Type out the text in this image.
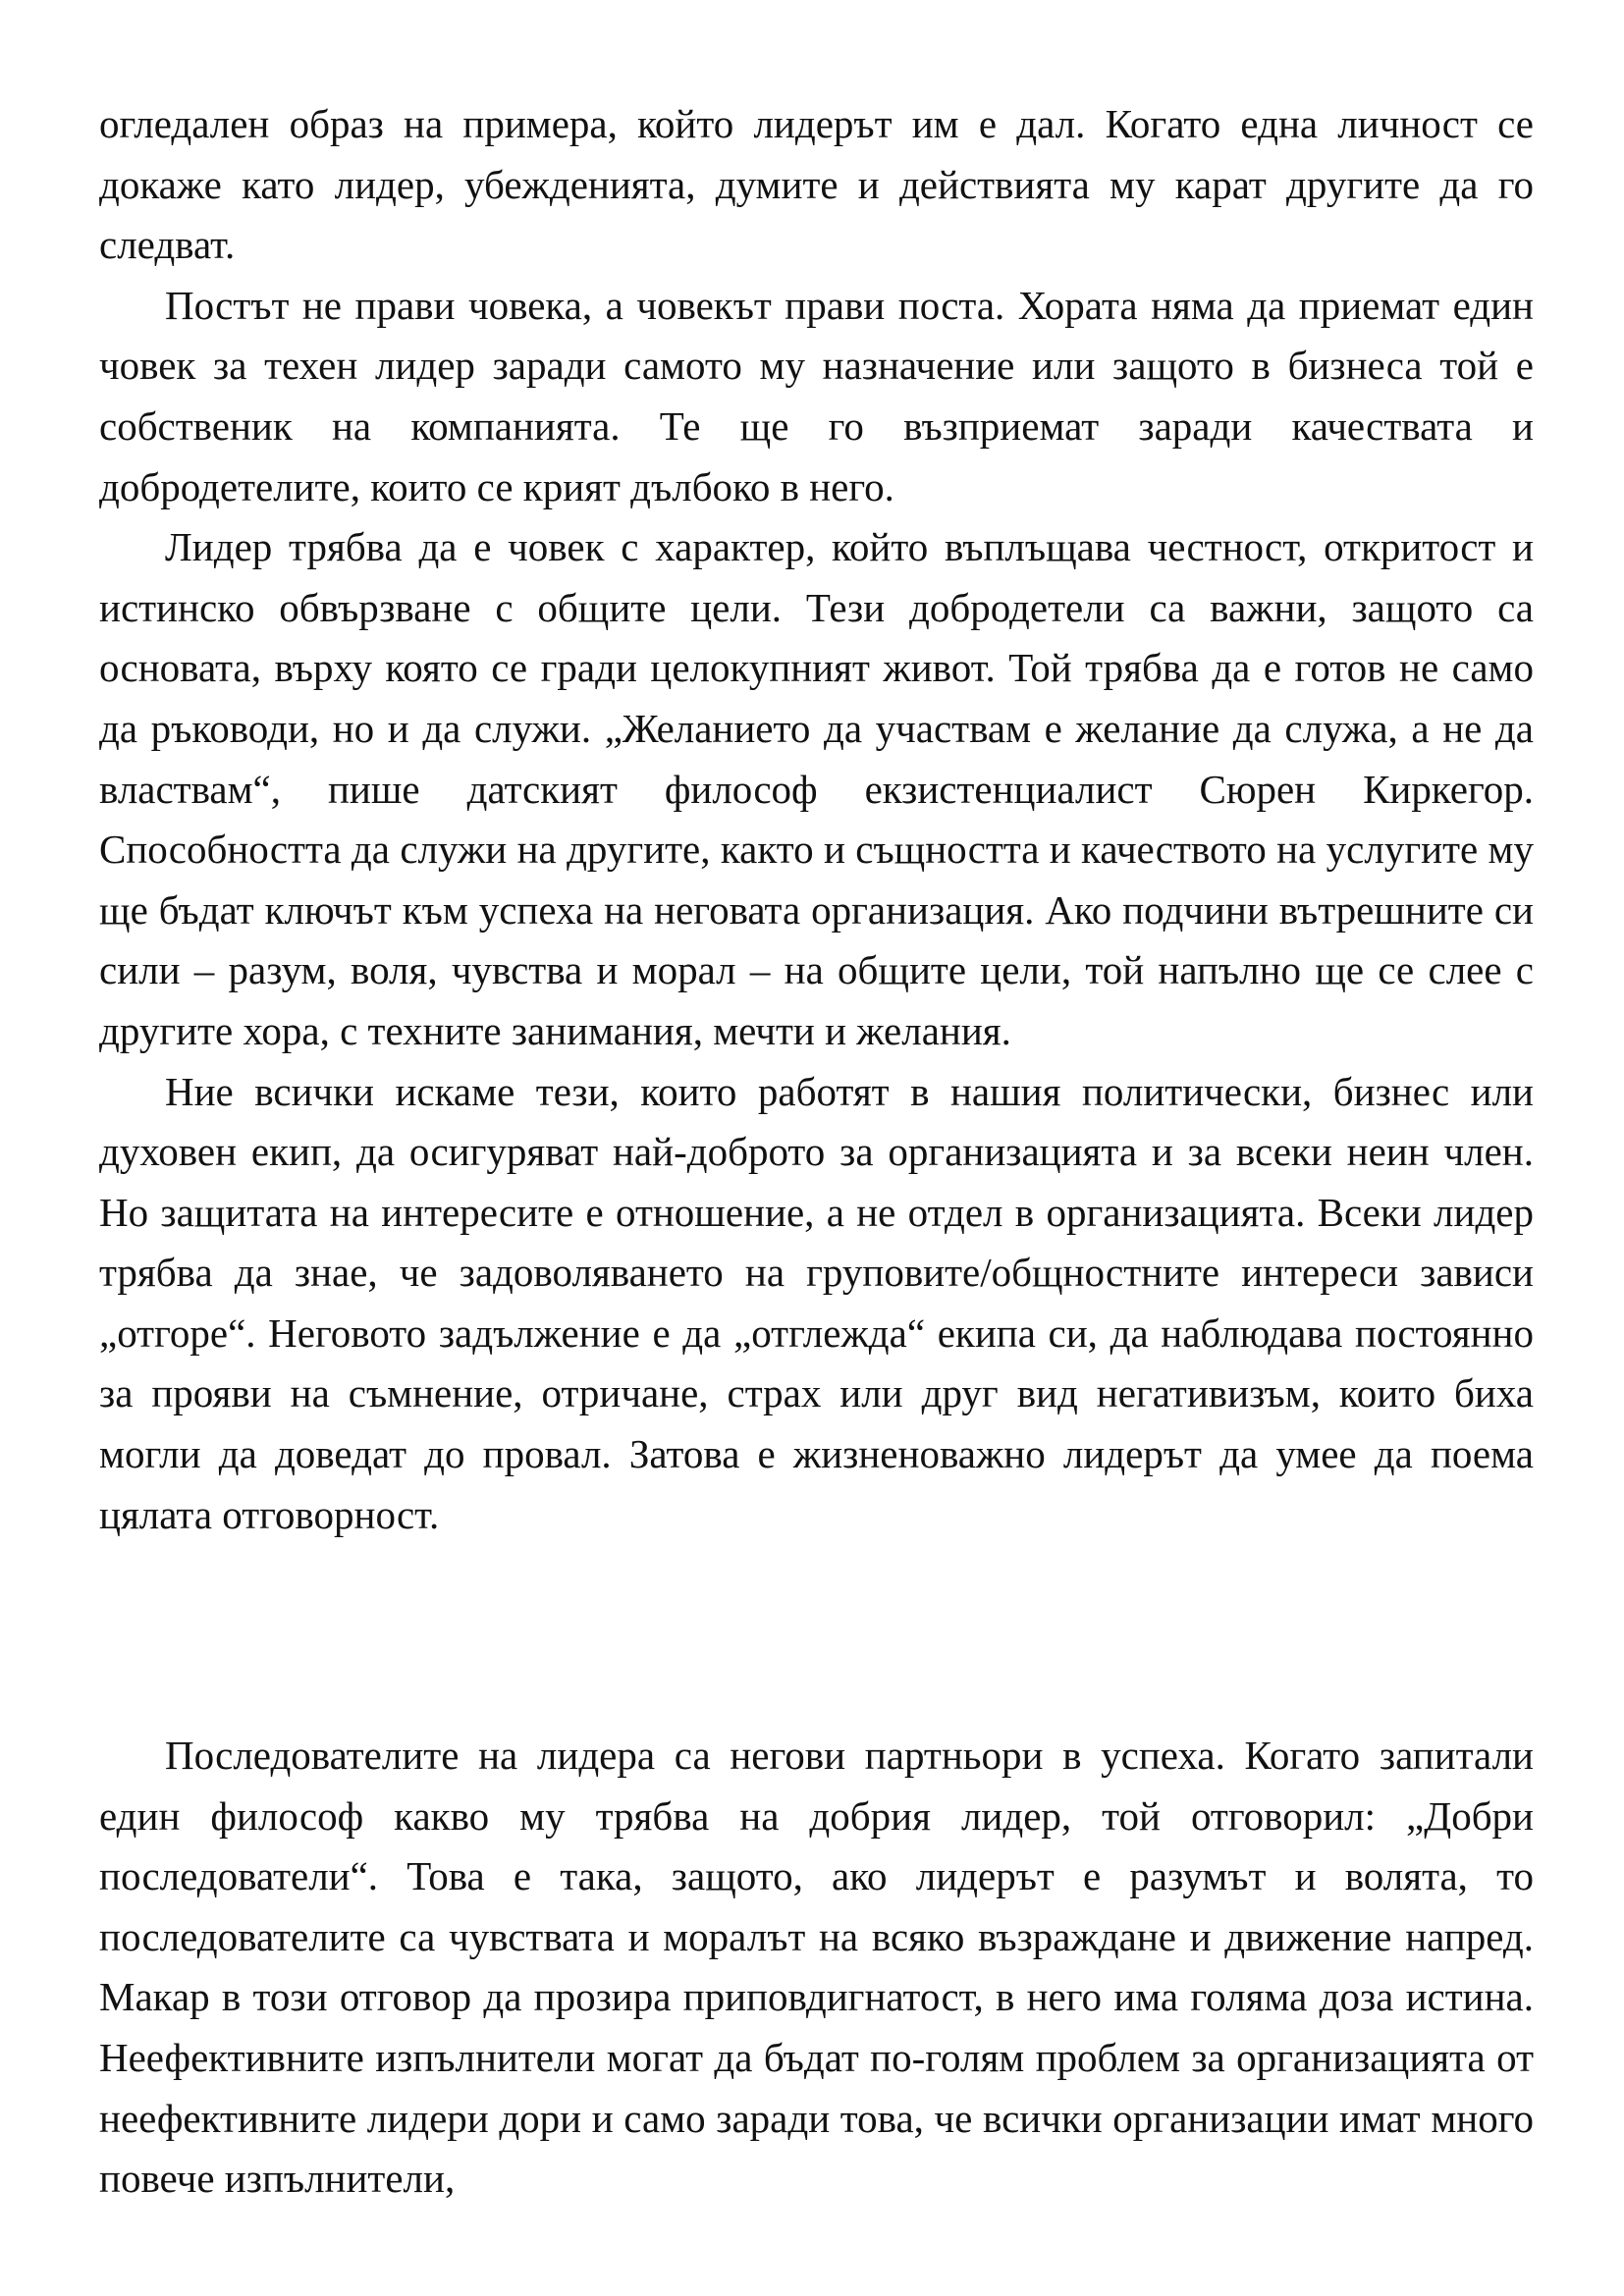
огледален образ на примера, който лидерът им е дал. Когато една личност се докаже като лидер, убежденията, думите и действията му карат другите да го следват.

Постът не прави човека, а човекът прави поста. Хората няма да приемат един човек за техен лидер заради самото му назначение или защото в бизнеса той е собственик на компанията. Те ще го възприемат заради качествата и добродетелите, които се крият дълбоко в него.

Лидер трябва да е човек с характер, който въплъщава честност, откритост и истинско обвързване с общите цели. Тези добродетели са важни, защото са основата, върху която се гради целокупният живот. Той трябва да е готов не само да ръководи, но и да служи. „Желанието да участвам е желание да служа, а не да властвам“, пише датският философ екзистенциалист Сюрен Киркегор. Способността да служи на другите, както и същността и качеството на услугите му ще бъдат ключът към успеха на неговата организация. Ако подчини вътрешните си сили – разум, воля, чувства и морал – на общите цели, той напълно ще се слее с другите хора, с техните занимания, мечти и желания.

Ние всички искаме тези, които работят в нашия политически, бизнес или духовен екип, да осигуряват най-доброто за организацията и за всеки неин член. Но защитата на интересите е отношение, а не отдел в организацията. Всеки лидер трябва да знае, че задоволяването на груповите/общностните интереси зависи „отгоре“. Неговото задължение е да „отглежда“ екипа си, да наблюдава постоянно за прояви на съмнение, отричане, страх или друг вид негативизъм, които биха могли да доведат до провал. Затова е жизненоважно лидерът да умее да поема цялата отговорност.

Последователите на лидера са негови партньори в успеха. Когато запитали един философ какво му трябва на добрия лидер, той отговорил: „Добри последователи“. Това е така, защото, ако лидерът е разумът и волята, то последователите са чувствата и моралът на всяко възраждане и движение напред. Макар в този отговор да прозира приповдигнатост, в него има голяма доза истина. Неефективните изпълнители могат да бъдат по-голям проблем за организацията от неефективните лидери дори и само заради това, че всички организации имат много повече изпълнители,
